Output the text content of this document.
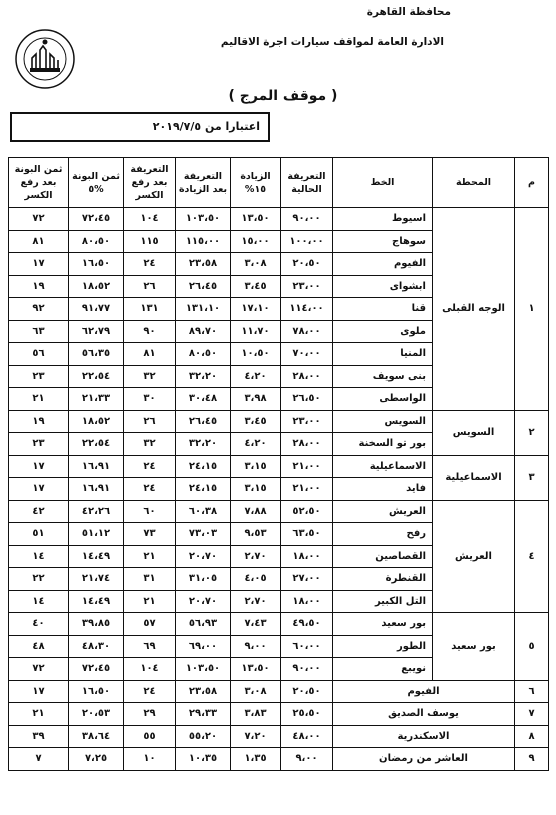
محافظة القاهرة
الادارة العامة لمواقف سيارات اجرة الاقاليم
( موقف المرج )
اعتبارا من ٢٠١٩/٧/٥
م	المحطة	الخط	التعريفة الحالية	الزيادة ١٥%	التعريفة بعد الزيادة	التعريفة بعد رفع الكسر	ثمن البونة %٥	ثمن البونة بعد رفع الكسر
١	الوجه القبلى	اسيوط	٩٠،٠٠	١٣،٥٠	١٠٣،٥٠	١٠٤	٧٢،٤٥	٧٢
		سوهاج	١٠٠،٠٠	١٥،٠٠	١١٥،٠٠	١١٥	٨٠،٥٠	٨١
		الفيوم	٢٠،٥٠	٣،٠٨	٢٣،٥٨	٢٤	١٦،٥٠	١٧
		ابشواى	٢٣،٠٠	٣،٤٥	٢٦،٤٥	٢٦	١٨،٥٢	١٩
		قنا	١١٤،٠٠	١٧،١٠	١٣١،١٠	١٣١	٩١،٧٧	٩٢
		ملوى	٧٨،٠٠	١١،٧٠	٨٩،٧٠	٩٠	٦٢،٧٩	٦٣
		المنيا	٧٠،٠٠	١٠،٥٠	٨٠،٥٠	٨١	٥٦،٣٥	٥٦
		بنى سويف	٢٨،٠٠	٤،٢٠	٣٢،٢٠	٣٢	٢٢،٥٤	٢٣
		الواسطى	٢٦،٥٠	٣،٩٨	٣٠،٤٨	٣٠	٢١،٣٣	٢١
٢	السويس	السويس	٢٣،٠٠	٣،٤٥	٢٦،٤٥	٢٦	١٨،٥٢	١٩
		بور تو السخنة	٢٨،٠٠	٤،٢٠	٣٢،٢٠	٣٢	٢٢،٥٤	٢٣
٣	الاسماعيلية	الاسماعيلية	٢١،٠٠	٣،١٥	٢٤،١٥	٢٤	١٦،٩١	١٧
		فايد	٢١،٠٠	٣،١٥	٢٤،١٥	٢٤	١٦،٩١	١٧
٤	العريش	العريش	٥٢،٥٠	٧،٨٨	٦٠،٣٨	٦٠	٤٢،٢٦	٤٢
		رفح	٦٣،٥٠	٩،٥٣	٧٣،٠٣	٧٣	٥١،١٢	٥١
		القصاصين	١٨،٠٠	٢،٧٠	٢٠،٧٠	٢١	١٤،٤٩	١٤
		القنطرة	٢٧،٠٠	٤،٠٥	٣١،٠٥	٣١	٢١،٧٤	٢٢
		التل الكبير	١٨،٠٠	٢،٧٠	٢٠،٧٠	٢١	١٤،٤٩	١٤
٥	بور سعيد	بور سعيد	٤٩،٥٠	٧،٤٣	٥٦،٩٣	٥٧	٣٩،٨٥	٤٠
		الطور	٦٠،٠٠	٩،٠٠	٦٩،٠٠	٦٩	٤٨،٣٠	٤٨
		نويبع	٩٠،٠٠	١٣،٥٠	١٠٣،٥٠	١٠٤	٧٢،٤٥	٧٢
٦	الفيوم		٢٠،٥٠	٣،٠٨	٢٣،٥٨	٢٤	١٦،٥٠	١٧
٧	يوسف الصديق		٢٥،٥٠	٣،٨٣	٢٩،٣٣	٢٩	٢٠،٥٣	٢١
٨	الاسكندرية		٤٨،٠٠	٧،٢٠	٥٥،٢٠	٥٥	٣٨،٦٤	٣٩
٩	العاشر من رمضان		٩،٠٠	١،٣٥	١٠،٣٥	١٠	٧،٢٥	٧
